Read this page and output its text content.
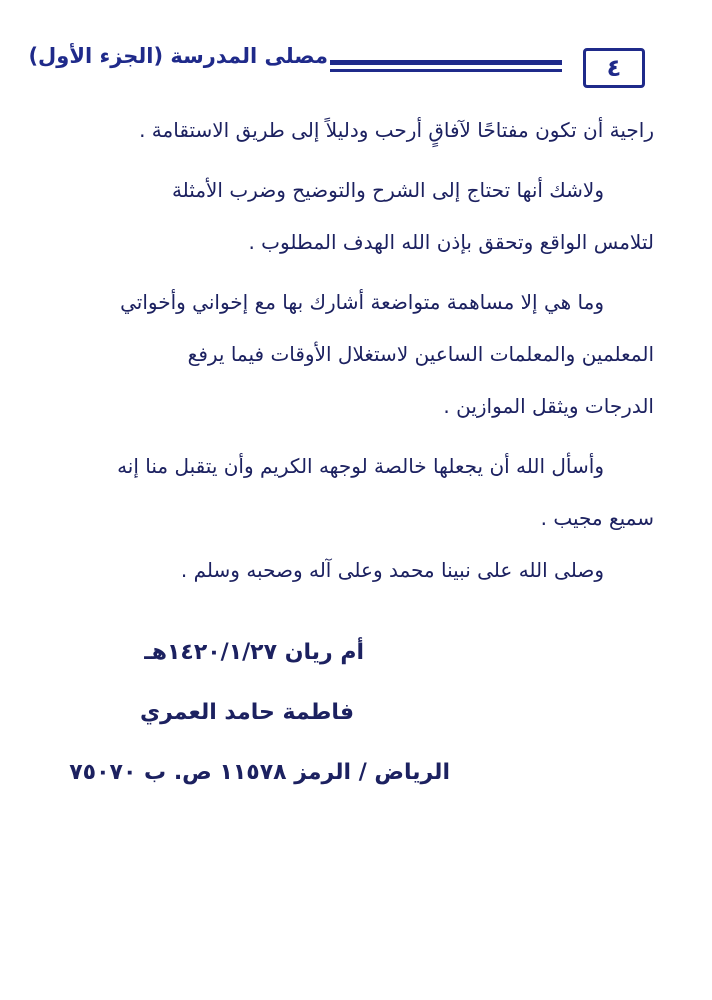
٤
مصلى المدرسة (الجزء الأول)
راجية أن تكون مفتاحًا لآفاقٍ أرحب ودليلاً إلى طريق الاستقامة .
ولاشك أنها تحتاج إلى الشرح والتوضيح وضرب الأمثلة
لتلامس الواقع وتحقق بإذن الله الهدف المطلوب .
وما هي إلا مساهمة متواضعة أشارك بها مع إخواني وأخواتي
المعلمين والمعلمات الساعين لاستغلال الأوقات فيما يرفع
الدرجات ويثقل الموازين .
وأسأل الله أن يجعلها خالصة لوجهه الكريم وأن يتقبل منا إنه
سميع مجيب .
وصلى الله على نبينا محمد وعلى آله وصحبه وسلم .
أم ريان ١٤٢٠/١/٢٧هـ
فاطمة حامد العمري
الرياض / الرمز ١١٥٧٨ ص. ب ٧٥٠٧٠
